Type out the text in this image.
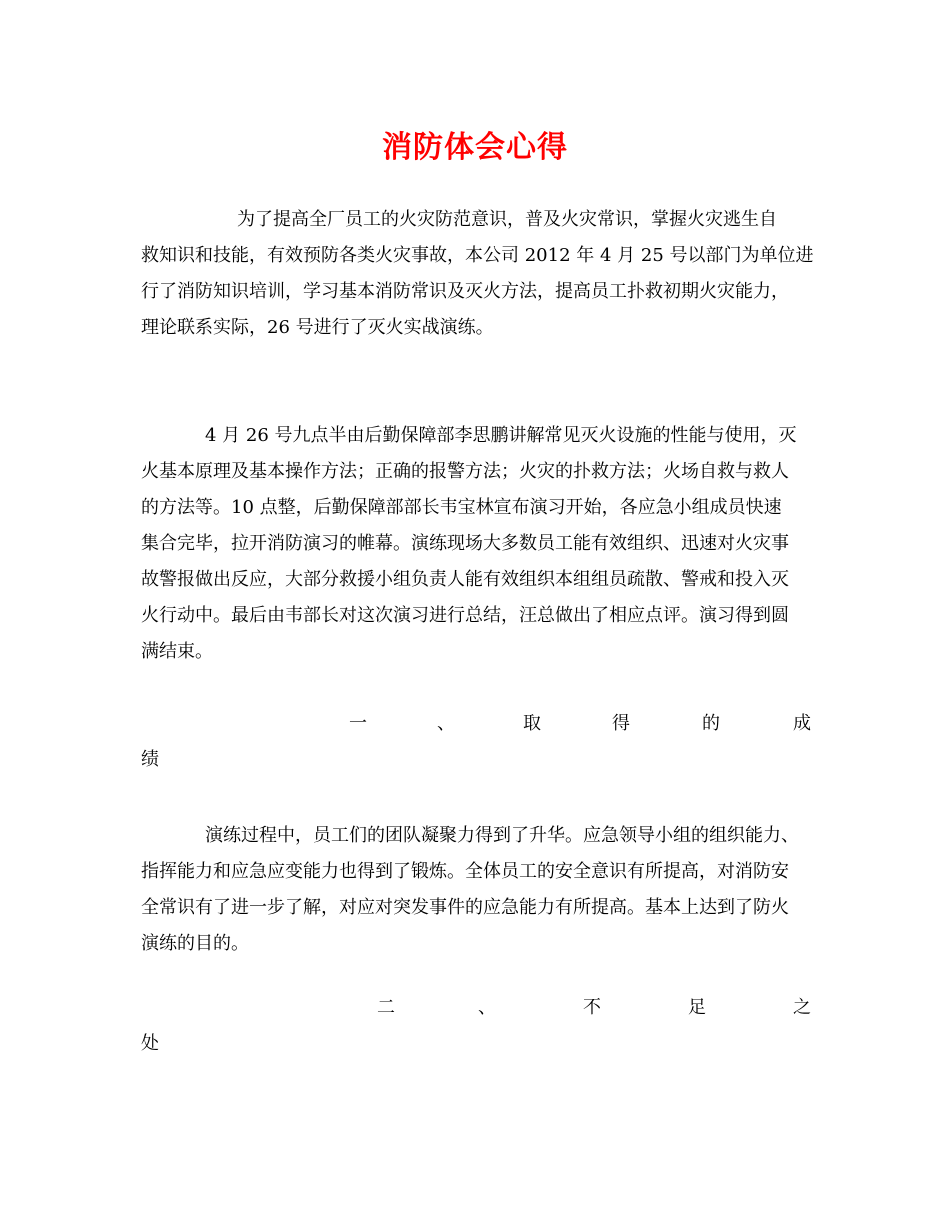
消防体会心得
为了提高全厂员工的火灾防范意识，普及火灾常识，掌握火灾逃生自
救知识和技能，有效预防各类火灾事故，本公司 2012 年 4 月 25 号以部门为单位进
行了消防知识培训，学习基本消防常识及灭火方法，提高员工扑救初期火灾能力，
理论联系实际，26 号进行了灭火实战演练。
4 月 26 号九点半由后勤保障部李思鹏讲解常见灭火设施的性能与使用，灭
火基本原理及基本操作方法；正确的报警方法；火灾的扑救方法；火场自救与救人
的方法等。10 点整，后勤保障部部长韦宝林宣布演习开始，各应急小组成员快速
集合完毕，拉开消防演习的帷幕。演练现场大多数员工能有效组织、迅速对火灾事
故警报做出反应，大部分救援小组负责人能有效组织本组组员疏散、警戒和投入灭
火行动中。最后由韦部长对这次演习进行总结，汪总做出了相应点评。演习得到圆
满结束。
一	、	取	得	的	成
绩
演练过程中，员工们的团队凝聚力得到了升华。应急领导小组的组织能力、
指挥能力和应急应变能力也得到了锻炼。全体员工的安全意识有所提高，对消防安
全常识有了进一步了解，对应对突发事件的应急能力有所提高。基本上达到了防火
演练的目的。
二	、	不	足	之
处
